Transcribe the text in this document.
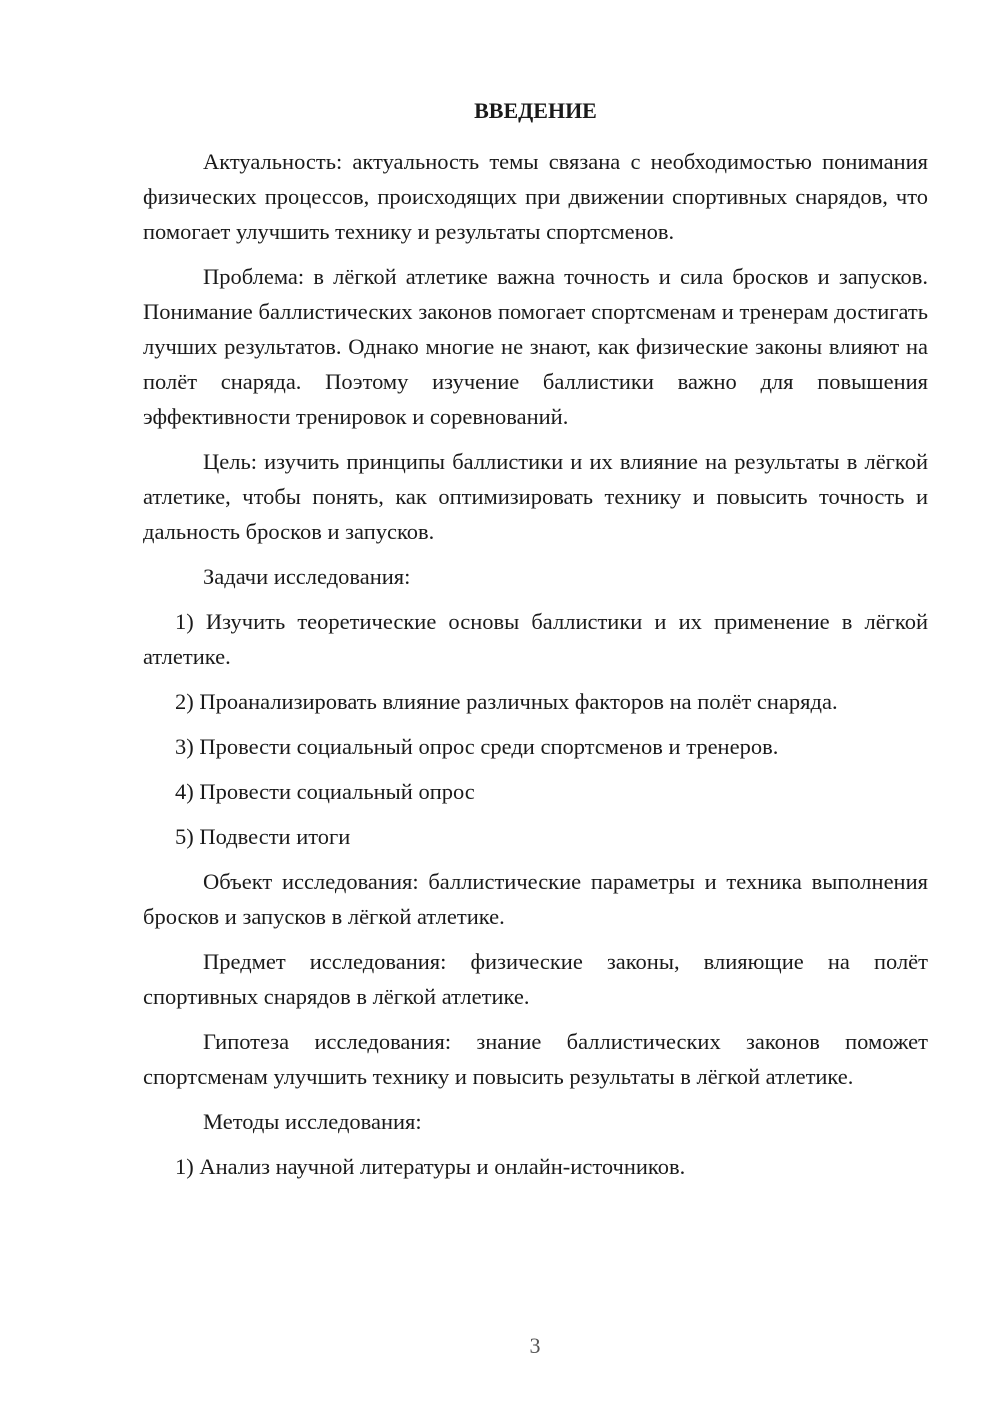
ВВЕДЕНИЕ

Актуальность: актуальность темы связана с необходимостью понимания физических процессов, происходящих при движении спортивных снарядов, что помогает улучшить технику и результаты спортсменов.

Проблема: в лёгкой атлетике важна точность и сила бросков и запусков. Понимание баллистических законов помогает спортсменам и тренерам достигать лучших результатов. Однако многие не знают, как физические законы влияют на полёт снаряда. Поэтому изучение баллистики важно для повышения эффективности тренировок и соревнований.

Цель: изучить принципы баллистики и их влияние на результаты в лёгкой атлетике, чтобы понять, как оптимизировать технику и повысить точность и дальность бросков и запусков.

Задачи исследования:

1) Изучить теоретические основы баллистики и их применение в лёгкой атлетике.

2) Проанализировать влияние различных факторов на полёт снаряда.

3) Провести социальный опрос среди спортсменов и тренеров.

4) Провести социальный опрос

5) Подвести итоги

Объект исследования: баллистические параметры и техника выполнения бросков и запусков в лёгкой атлетике.

Предмет исследования: физические законы, влияющие на полёт спортивных снарядов в лёгкой атлетике.

Гипотеза исследования: знание баллистических законов поможет спортсменам улучшить технику и повысить результаты в лёгкой атлетике.

Методы исследования:

1) Анализ научной литературы и онлайн-источников.

3
